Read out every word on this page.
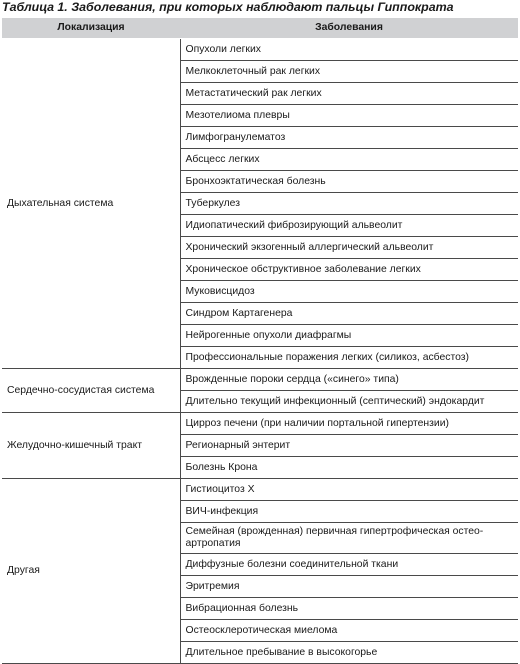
Таблица 1. Заболевания, при которых наблюдают пальцы Гиппократа
Локализация	Заболевания
Дыхательная система	Опухоли легких
	Мелкоклеточный рак легких
	Метастатический рак легких
	Мезотелиома плевры
	Лимфогранулематоз
	Абсцесс легких
	Бронхоэктатическая болезнь
	Туберкулез
	Идиопатический фиброзирующий альвеолит
	Хронический экзогенный аллергический альвеолит
	Хроническое обструктивное заболевание легких
	Муковисцидоз
	Синдром Картагенера
	Нейрогенные опухоли диафрагмы
	Профессиональные поражения легких (силикоз, асбестоз)
Сердечно-сосудистая система	Врожденные пороки сердца («синего» типа)
	Длительно текущий инфекционный (септический) эндокардит
Желудочно-кишечный тракт	Цирроз печени (при наличии портальной гипертензии)
	Регионарный энтерит
	Болезнь Крона
Другая	Гистиоцитоз Х
	ВИЧ-инфекция
	Семейная (врожденная) первичная гипертрофическая остео-артропатия
	Диффузные болезни соединительной ткани
	Эритремия
	Вибрационная болезнь
	Остеосклеротическая миелома
	Длительное пребывание в высокогорье
